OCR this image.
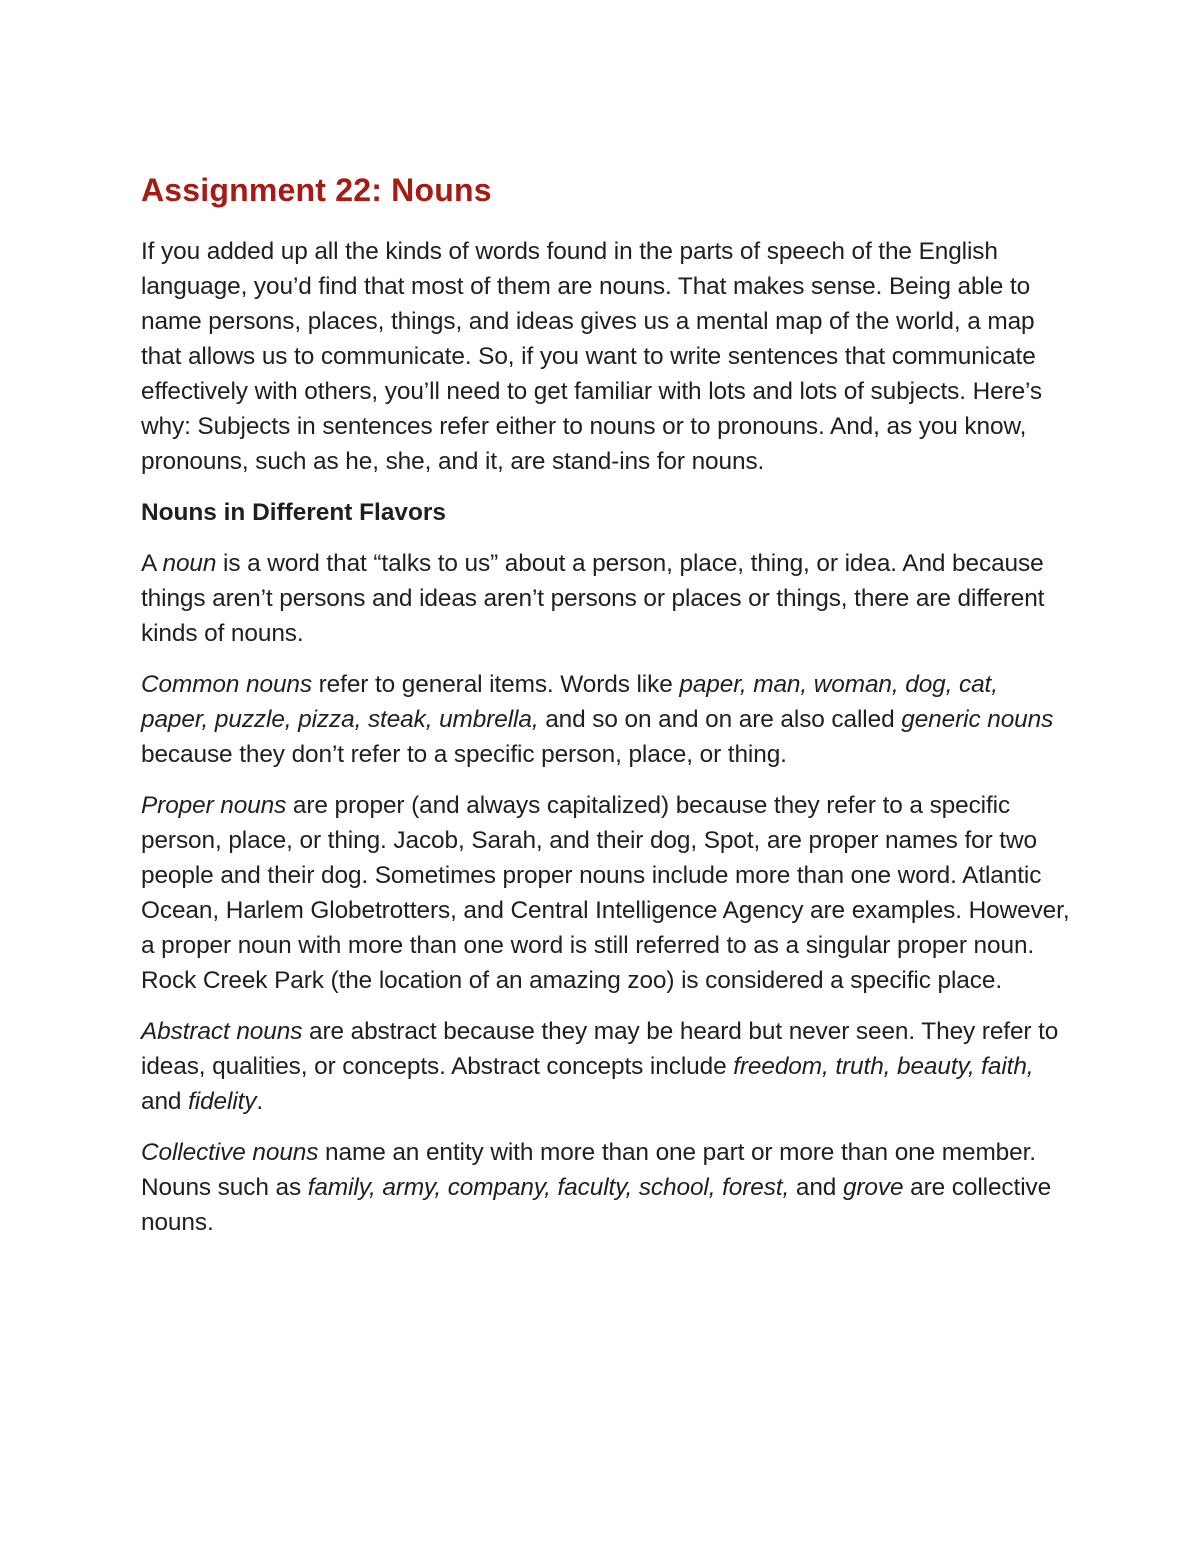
Assignment 22: Nouns

If you added up all the kinds of words found in the parts of speech of the English language, you’d find that most of them are nouns. That makes sense. Being able to name persons, places, things, and ideas gives us a mental map of the world, a map that allows us to communicate. So, if you want to write sentences that communicate effectively with others, you’ll need to get familiar with lots and lots of subjects. Here’s why: Subjects in sentences refer either to nouns or to pronouns. And, as you know, pronouns, such as he, she, and it, are stand-ins for nouns.

Nouns in Different Flavors

A noun is a word that “talks to us” about a person, place, thing, or idea. And because things aren’t persons and ideas aren’t persons or places or things, there are different kinds of nouns.

Common nouns refer to general items. Words like paper, man, woman, dog, cat, paper, puzzle, pizza, steak, umbrella, and so on and on are also called generic nouns because they don’t refer to a specific person, place, or thing.

Proper nouns are proper (and always capitalized) because they refer to a specific person, place, or thing. Jacob, Sarah, and their dog, Spot, are proper names for two people and their dog. Sometimes proper nouns include more than one word. Atlantic Ocean, Harlem Globetrotters, and Central Intelligence Agency are examples. However, a proper noun with more than one word is still referred to as a singular proper noun. Rock Creek Park (the location of an amazing zoo) is considered a specific place.

Abstract nouns are abstract because they may be heard but never seen. They refer to ideas, qualities, or concepts. Abstract concepts include freedom, truth, beauty, faith, and fidelity.

Collective nouns name an entity with more than one part or more than one member. Nouns such as family, army, company, faculty, school, forest, and grove are collective nouns.
